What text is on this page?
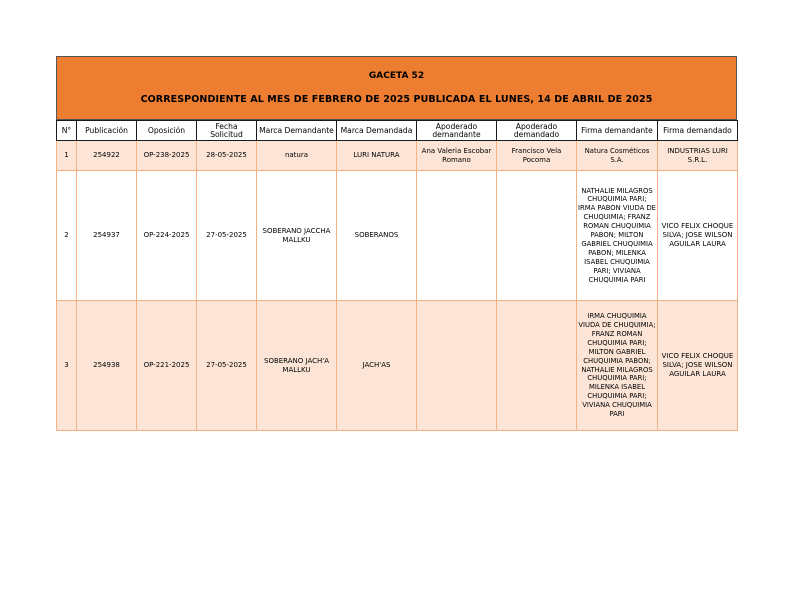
GACETA 52
CORRESPONDIENTE AL MES DE FEBRERO DE 2025 PUBLICADA EL LUNES, 14 DE ABRIL DE 2025
N°	Publicación	Oposición	Fecha Solicitud	Marca Demandante	Marca Demandada	Apoderado demandante	Apoderado demandado	Firma demandante	Firma demandado
1	254922	OP-238-2025	28-05-2025	natura	LURI NATURA	Ana Valeria Escobar Romano	Francisco Vela Pocoma	Natura Cosméticos S.A.	INDUSTRIAS LURI S.R.L.
2	254937	OP-224-2025	27-05-2025	SOBERANO JACCHA MALLKU	SOBERANOS			NATHALIE MILAGROS CHUQUIMIA PARI; IRMA PABON VIUDA DE CHUQUIMIA; FRANZ ROMAN CHUQUIMIA PABON; MILTON GABRIEL CHUQUIMIA PABON; MILENKA ISABEL CHUQUIMIA PARI; VIVIANA CHUQUIMIA PARI	VICO FELIX CHOQUE SILVA; JOSE WILSON AGUILAR LAURA
3	254938	OP-221-2025	27-05-2025	SOBERANO JACH'A MALLKU	JACH'AS			IRMA CHUQUIMIA VIUDA DE CHUQUIMIA; FRANZ ROMAN CHUQUIMIA PARI; MILTON GABRIEL CHUQUIMIA PABON; NATHALIE MILAGROS CHUQUIMIA PARI; MILENKA ISABEL CHUQUIMIA PARI; VIVIANA CHUQUIMIA PARI	VICO FELIX CHOQUE SILVA; JOSE WILSON AGUILAR LAURA
